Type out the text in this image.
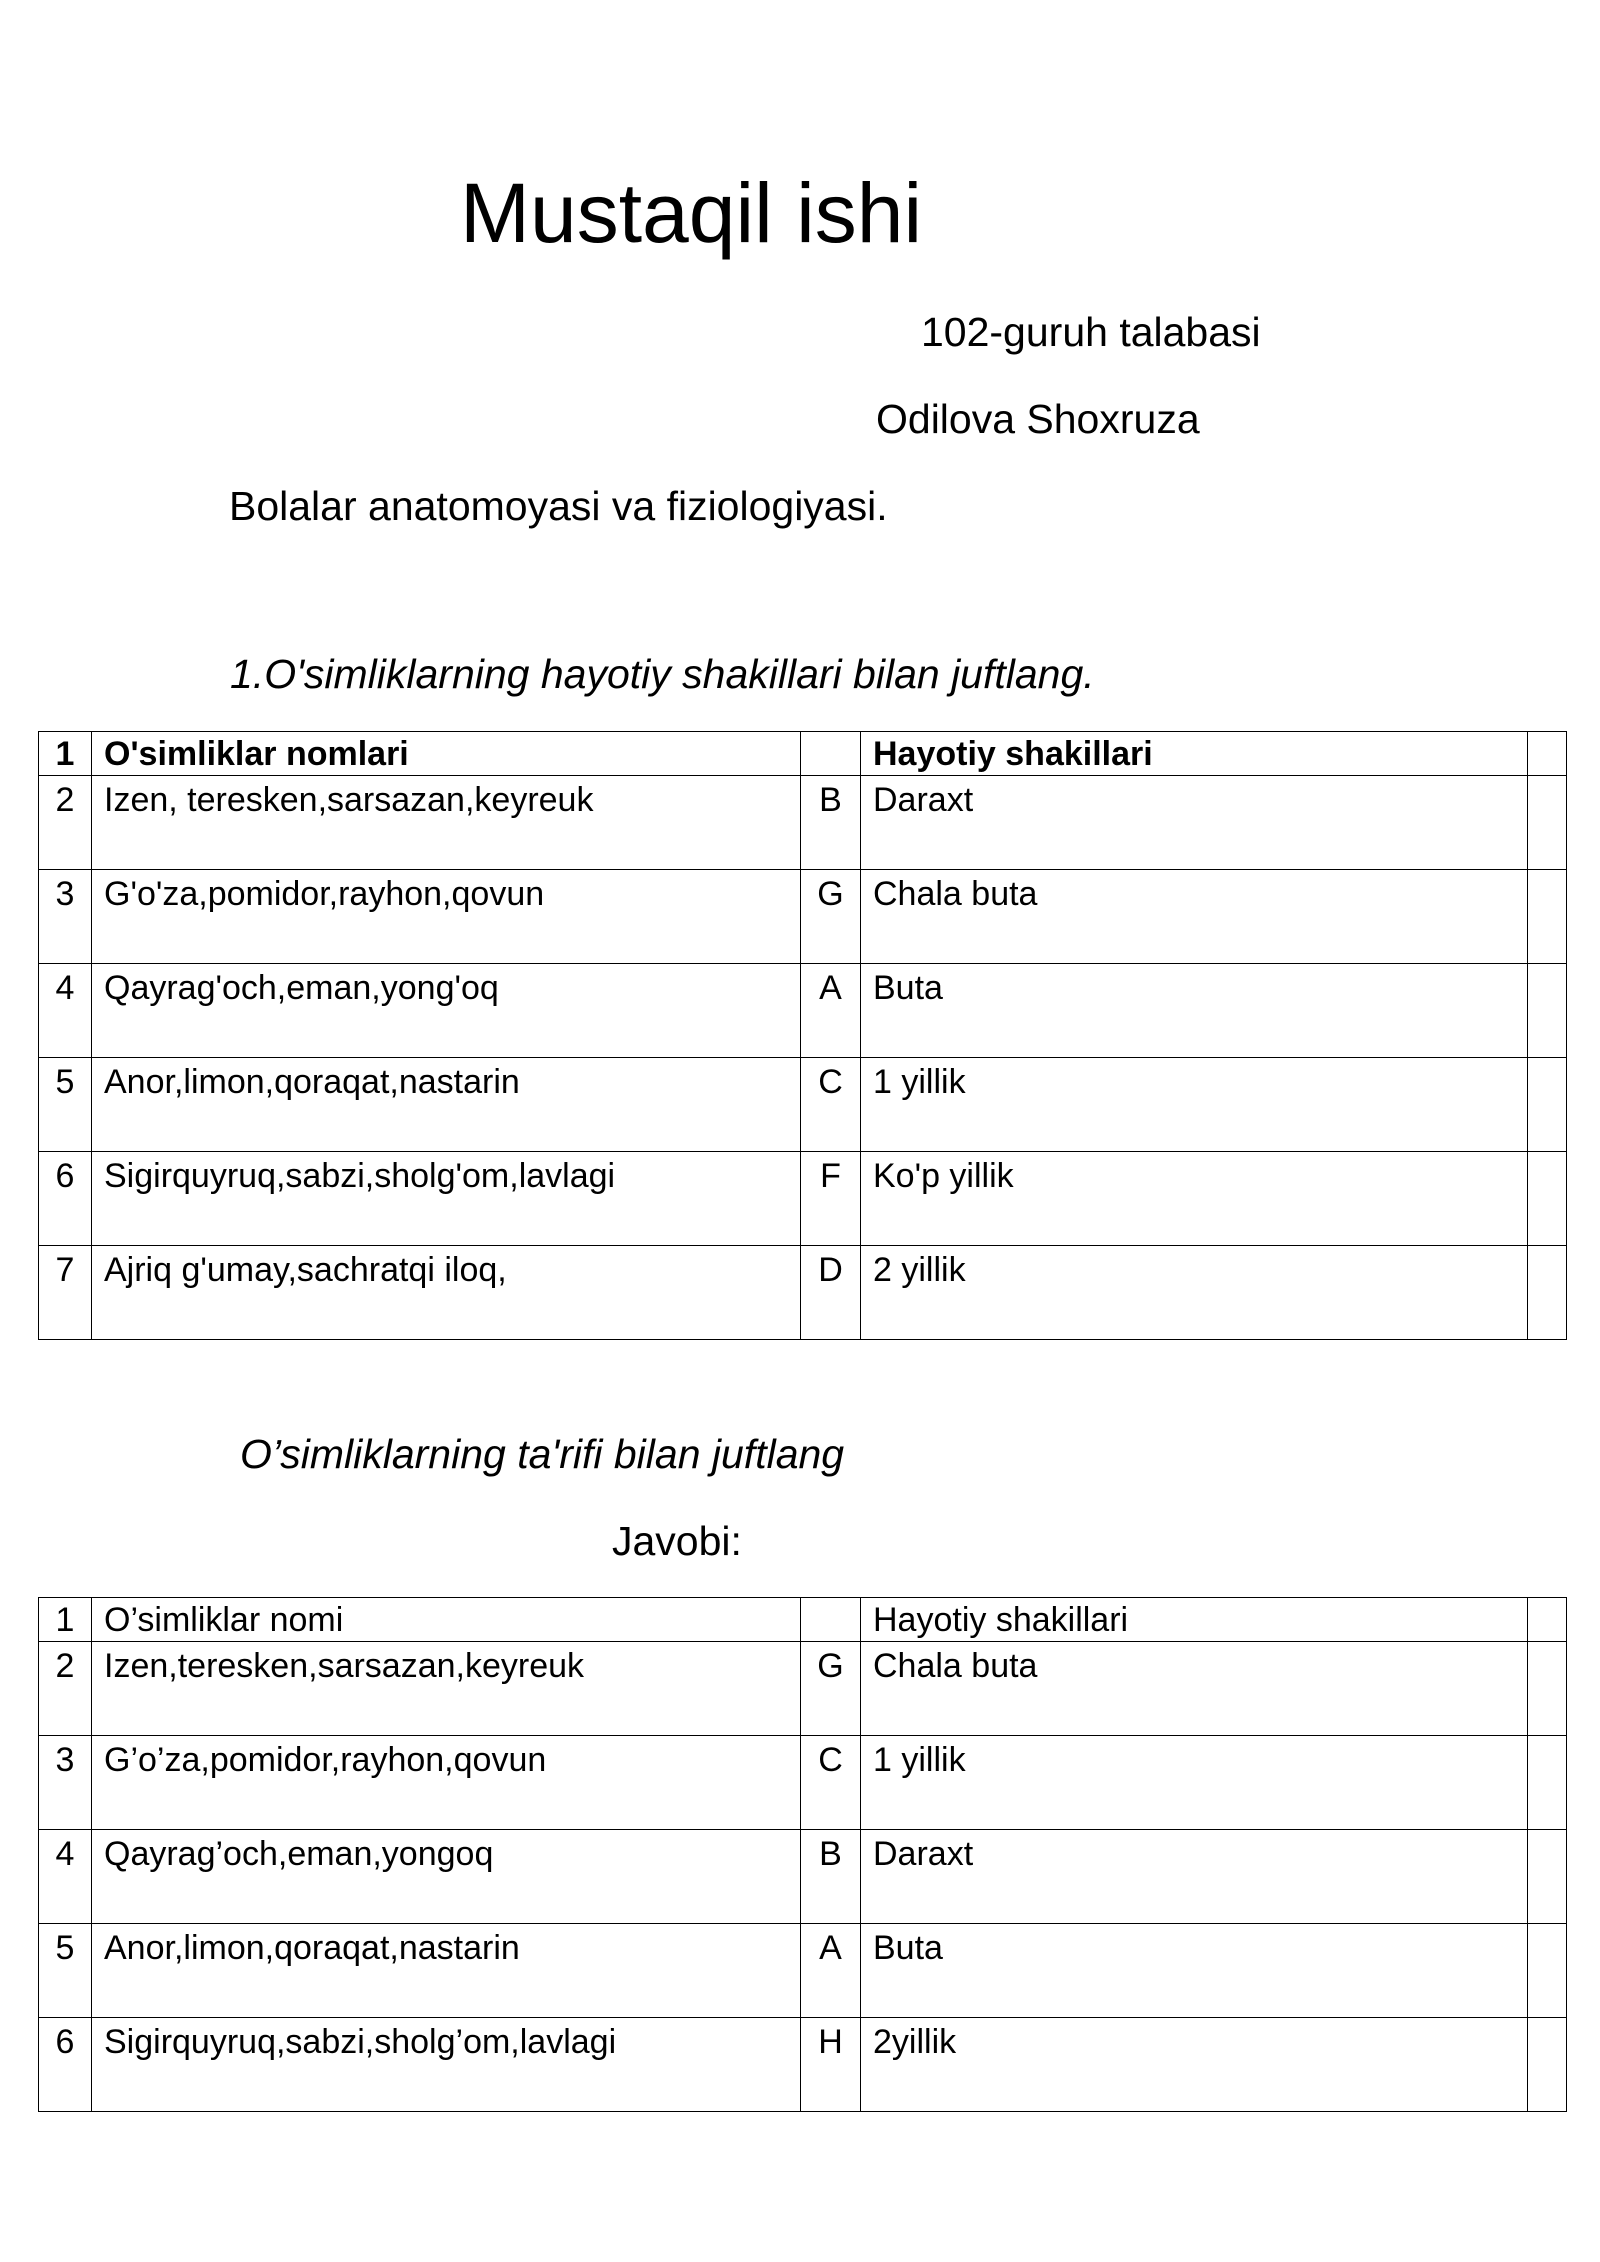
Mustaqil ishi
102-guruh talabasi
Odilova Shoxruza
Bolalar anatomoyasi va fiziologiyasi.
1.O'simliklarning hayotiy shakillari bilan juftlang.
1	O'simliklar nomlari		Hayotiy shakillari	
2	Izen, teresken,sarsazan,keyreuk	B	Daraxt	
3	G'o'za,pomidor,rayhon,qovun	G	Chala buta	
4	Qayrag'och,eman,yong'oq	A	Buta	
5	Anor,limon,qoraqat,nastarin	C	1 yillik	
6	Sigirquyruq,sabzi,sholg'om,lavlagi	F	Ko'p yillik	
7	Ajriq g'umay,sachratqi iloq,	D	2 yillik	
O’simliklarning ta'rifi bilan juftlang
Javobi:
1	O’simliklar nomi		Hayotiy shakillari	
2	Izen,teresken,sarsazan,keyreuk	G	Chala buta	
3	G’o’za,pomidor,rayhon,qovun	C	1 yillik	
4	Qayrag’och,eman,yongoq	B	Daraxt	
5	Anor,limon,qoraqat,nastarin	A	Buta	
6	Sigirquyruq,sabzi,sholg’om,lavlagi	H	2yillik	
